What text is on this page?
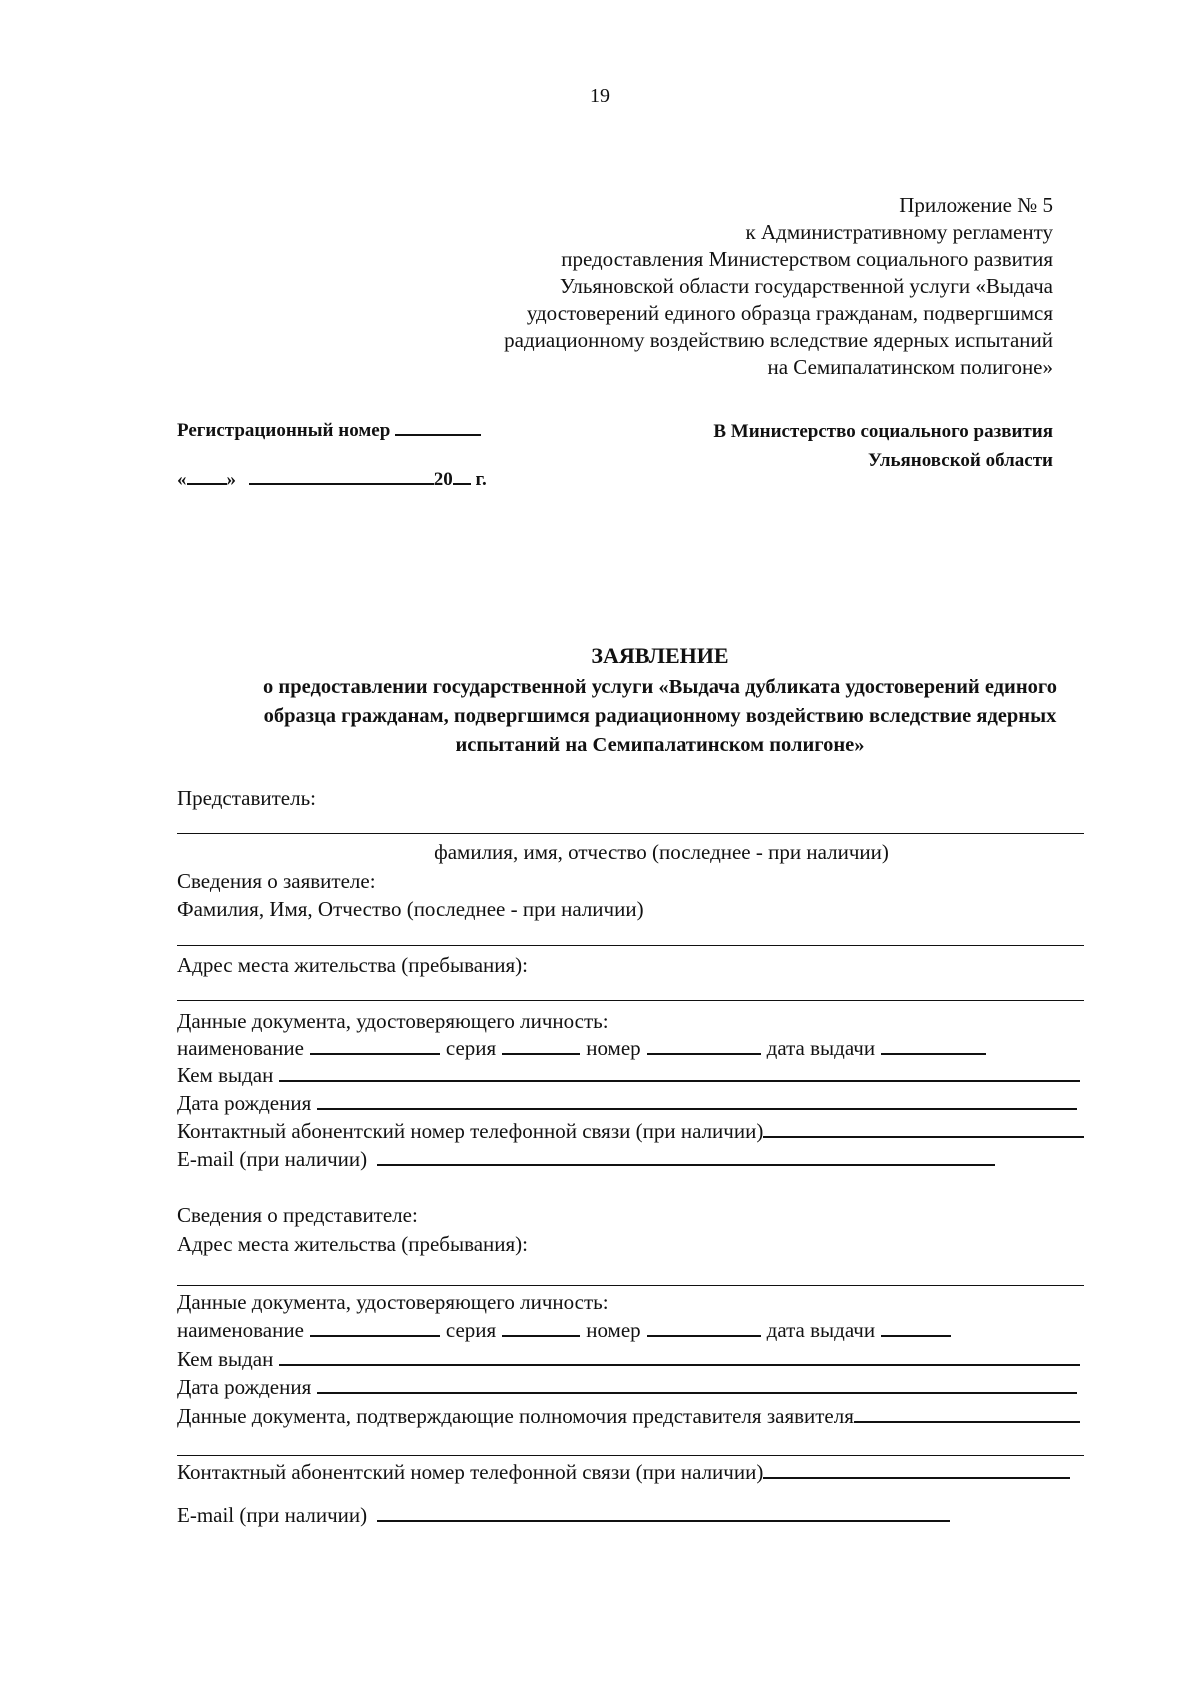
19
Приложение № 5
к Административному регламенту
предоставления Министерством социального развития
Ульяновской области государственной услуги «Выдача
удостоверений единого образца гражданам, подвергшимся
радиационному воздействию вследствие ядерных испытаний
на Семипалатинском полигоне»
Регистрационный номер
« »	20 г.
В Министерство социального развития
Ульяновской области
ЗАЯВЛЕНИЕ
о предоставлении государственной услуги «Выдача дубликата удостоверений единого
образца гражданам, подвергшимся радиационному воздействию вследствие ядерных
испытаний на Семипалатинском полигоне»
Представитель:
фамилия, имя, отчество (последнее - при наличии)
Сведения о заявителе:
Фамилия, Имя, Отчество (последнее - при наличии)
Адрес места жительства (пребывания):
Данные документа, удостоверяющего личность:
наименование	серия	номер	дата выдачи
Кем выдан
Дата рождения
Контактный абонентский номер телефонной связи (при наличии)
E-mail (при наличии)
Сведения о представителе:
Адрес места жительства (пребывания):
Данные документа, удостоверяющего личность:
наименование	серия	номер	дата выдачи
Кем выдан
Дата рождения
Данные документа, подтверждающие полномочия представителя заявителя
Контактный абонентский номер телефонной связи (при наличии)
E-mail (при наличии)
